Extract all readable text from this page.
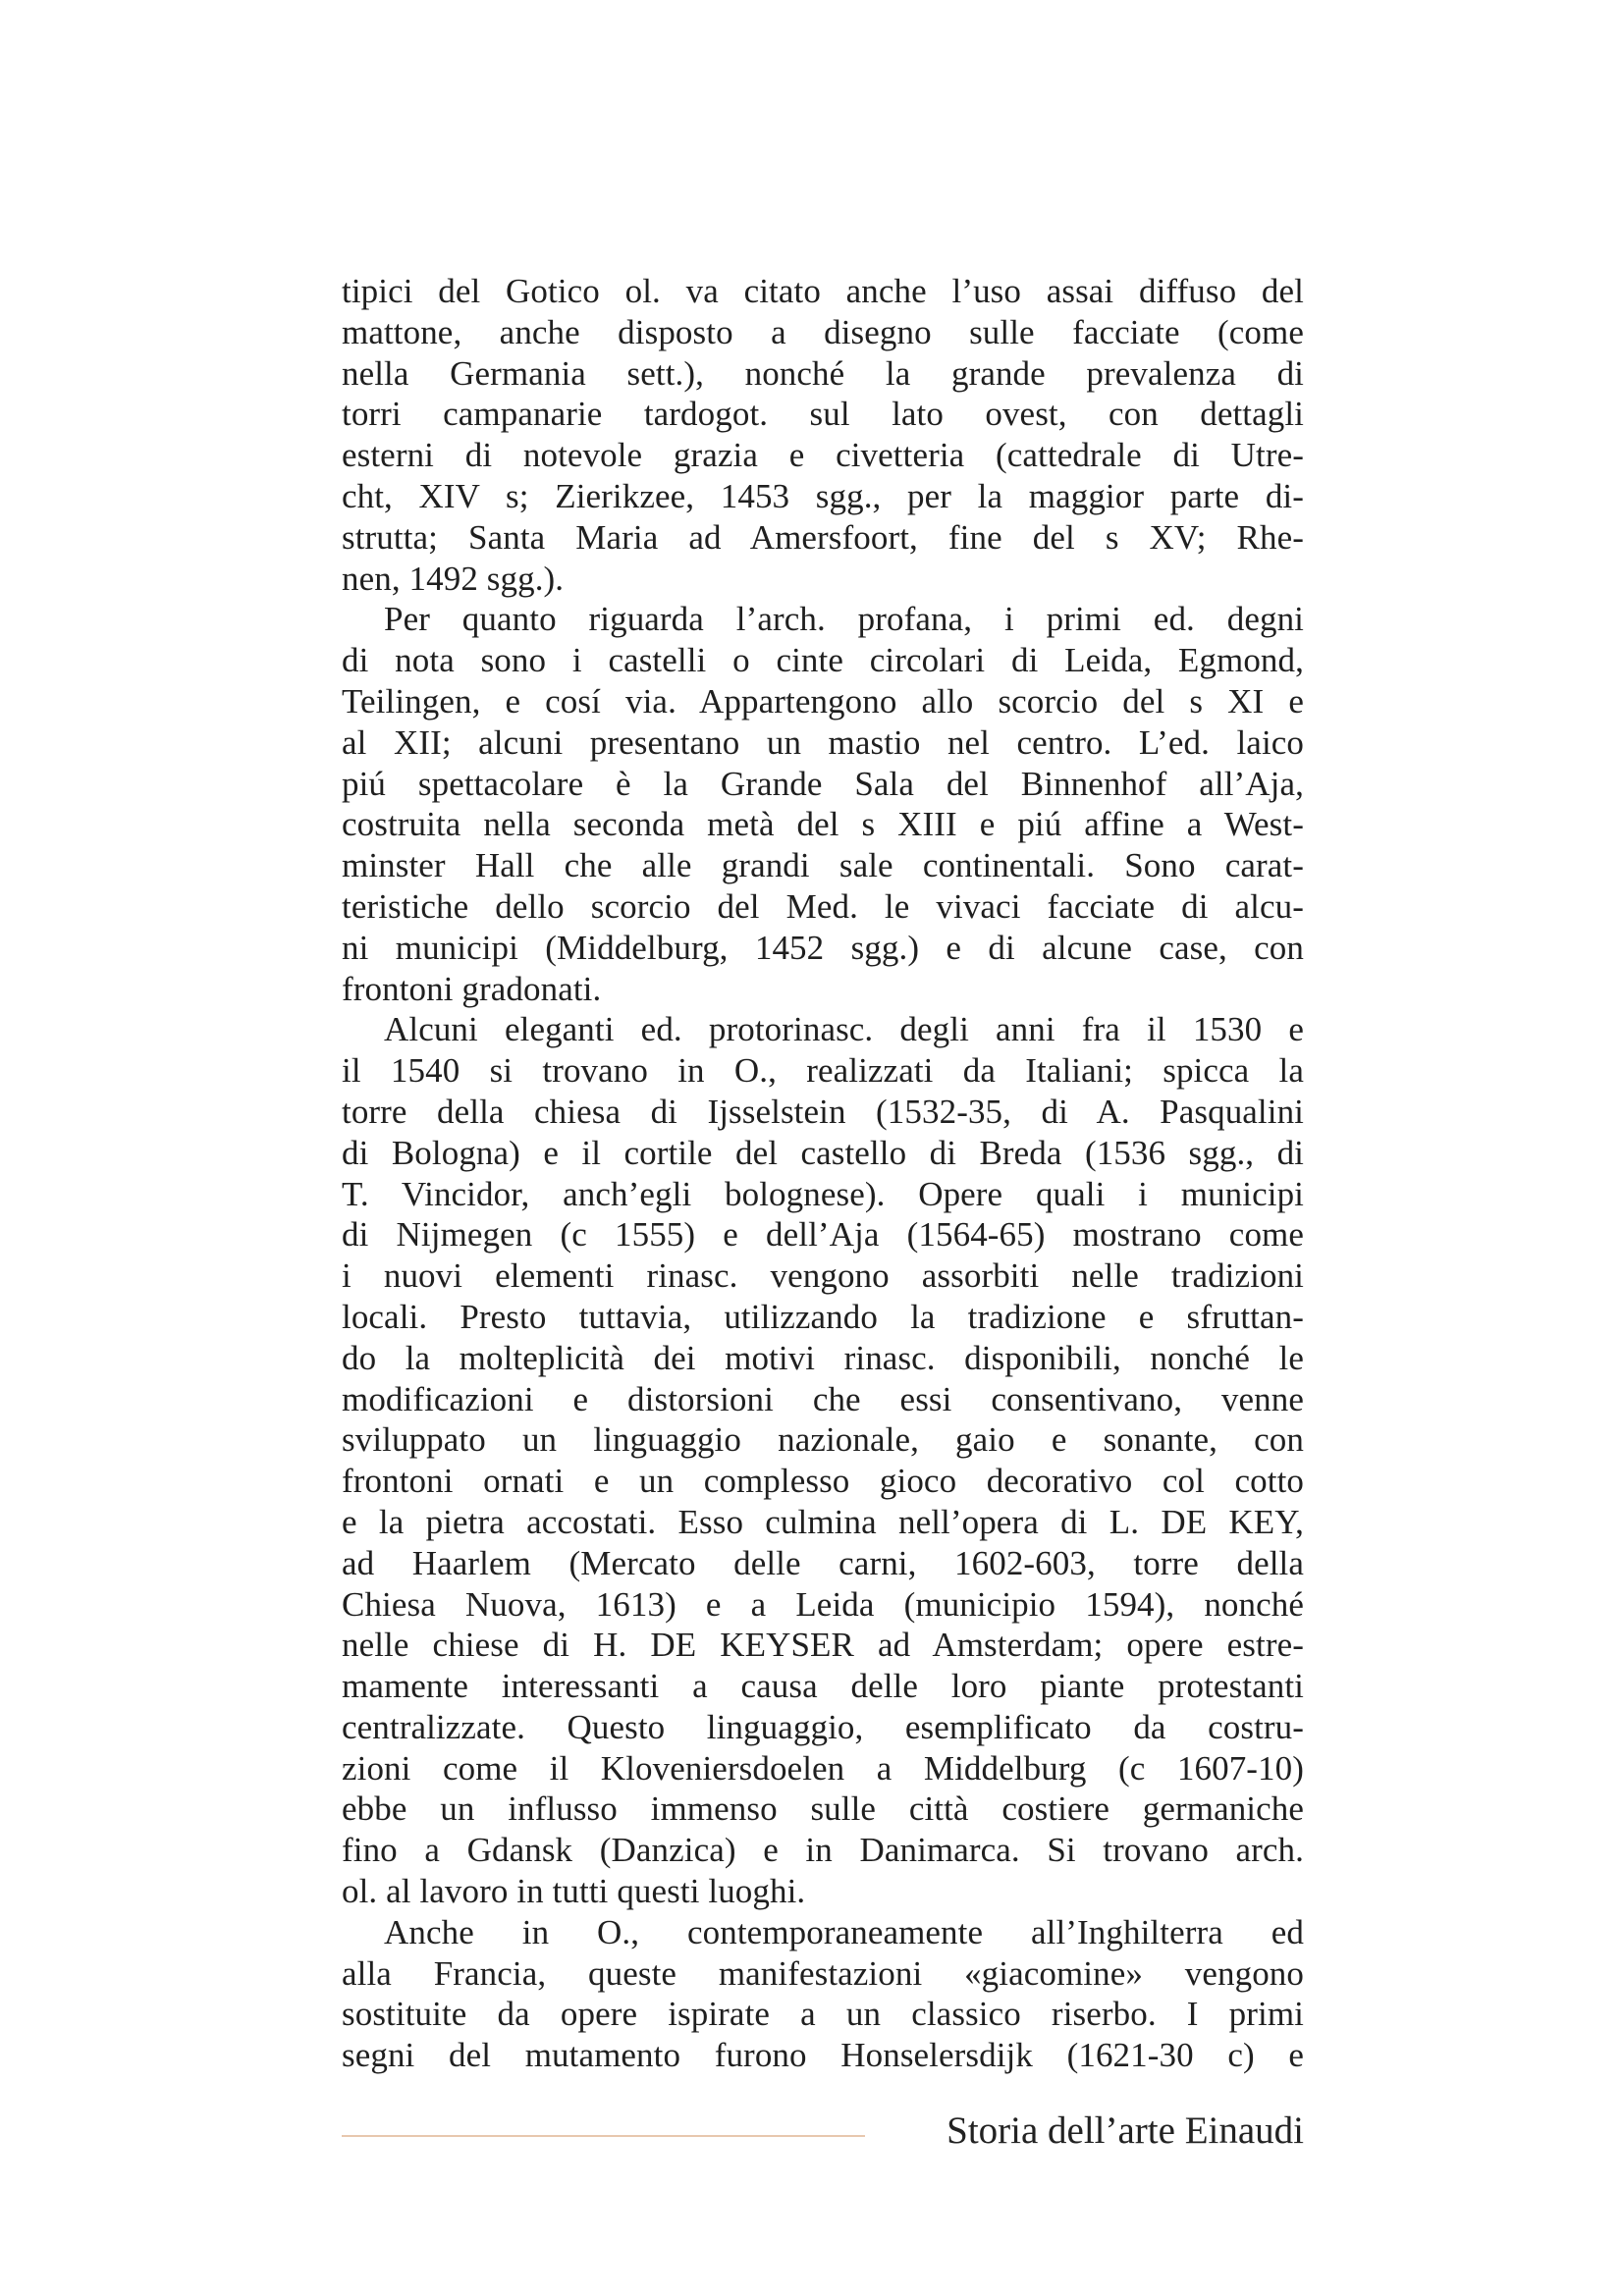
tipici del Gotico ol. va citato anche l’uso assai diffuso del
mattone, anche disposto a disegno sulle facciate (come
nella Germania sett.), nonché la grande prevalenza di
torri campanarie tardogot. sul lato ovest, con dettagli
esterni di notevole grazia e civetteria (cattedrale di Utre-
cht, XIV s; Zierikzee, 1453 sgg., per la maggior parte di-
strutta; Santa Maria ad Amersfoort, fine del s XV; Rhe-
nen, 1492 sgg.).
Per quanto riguarda l’arch. profana, i primi ed. degni
di nota sono i castelli o cinte circolari di Leida, Egmond,
Teilingen, e cosí via. Appartengono allo scorcio del s XI e
al XII; alcuni presentano un mastio nel centro. L’ed. laico
piú spettacolare è la Grande Sala del Binnenhof all’Aja,
costruita nella seconda metà del s XIII e piú affine a West-
minster Hall che alle grandi sale continentali. Sono carat-
teristiche dello scorcio del Med. le vivaci facciate di alcu-
ni municipi (Middelburg, 1452 sgg.) e di alcune case, con
frontoni gradonati.
Alcuni eleganti ed. protorinasc. degli anni fra il 1530 e
il 1540 si trovano in O., realizzati da Italiani; spicca la
torre della chiesa di Ijsselstein (1532-35, di A. Pasqualini
di Bologna) e il cortile del castello di Breda (1536 sgg., di
T. Vincidor, anch’egli bolognese). Opere quali i municipi
di Nijmegen (c 1555) e dell’Aja (1564-65) mostrano come
i nuovi elementi rinasc. vengono assorbiti nelle tradizioni
locali. Presto tuttavia, utilizzando la tradizione e sfruttan-
do la molteplicità dei motivi rinasc. disponibili, nonché le
modificazioni e distorsioni che essi consentivano, venne
sviluppato un linguaggio nazionale, gaio e sonante, con
frontoni ornati e un complesso gioco decorativo col cotto
e la pietra accostati. Esso culmina nell’opera di L. DE KEY,
ad Haarlem (Mercato delle carni, 1602-603, torre della
Chiesa Nuova, 1613) e a Leida (municipio 1594), nonché
nelle chiese di H. DE KEYSER ad Amsterdam; opere estre-
mamente interessanti a causa delle loro piante protestanti
centralizzate. Questo linguaggio, esemplificato da costru-
zioni come il Kloveniersdoelen a Middelburg (c 1607-10)
ebbe un influsso immenso sulle città costiere germaniche
fino a Gdansk (Danzica) e in Danimarca. Si trovano arch.
ol. al lavoro in tutti questi luoghi.
Anche in O., contemporaneamente all’Inghilterra ed
alla Francia, queste manifestazioni «giacomine» vengono
sostituite da opere ispirate a un classico riserbo. I primi
segni del mutamento furono Honselersdijk (1621-30 c) e
Storia dell’arte Einaudi
